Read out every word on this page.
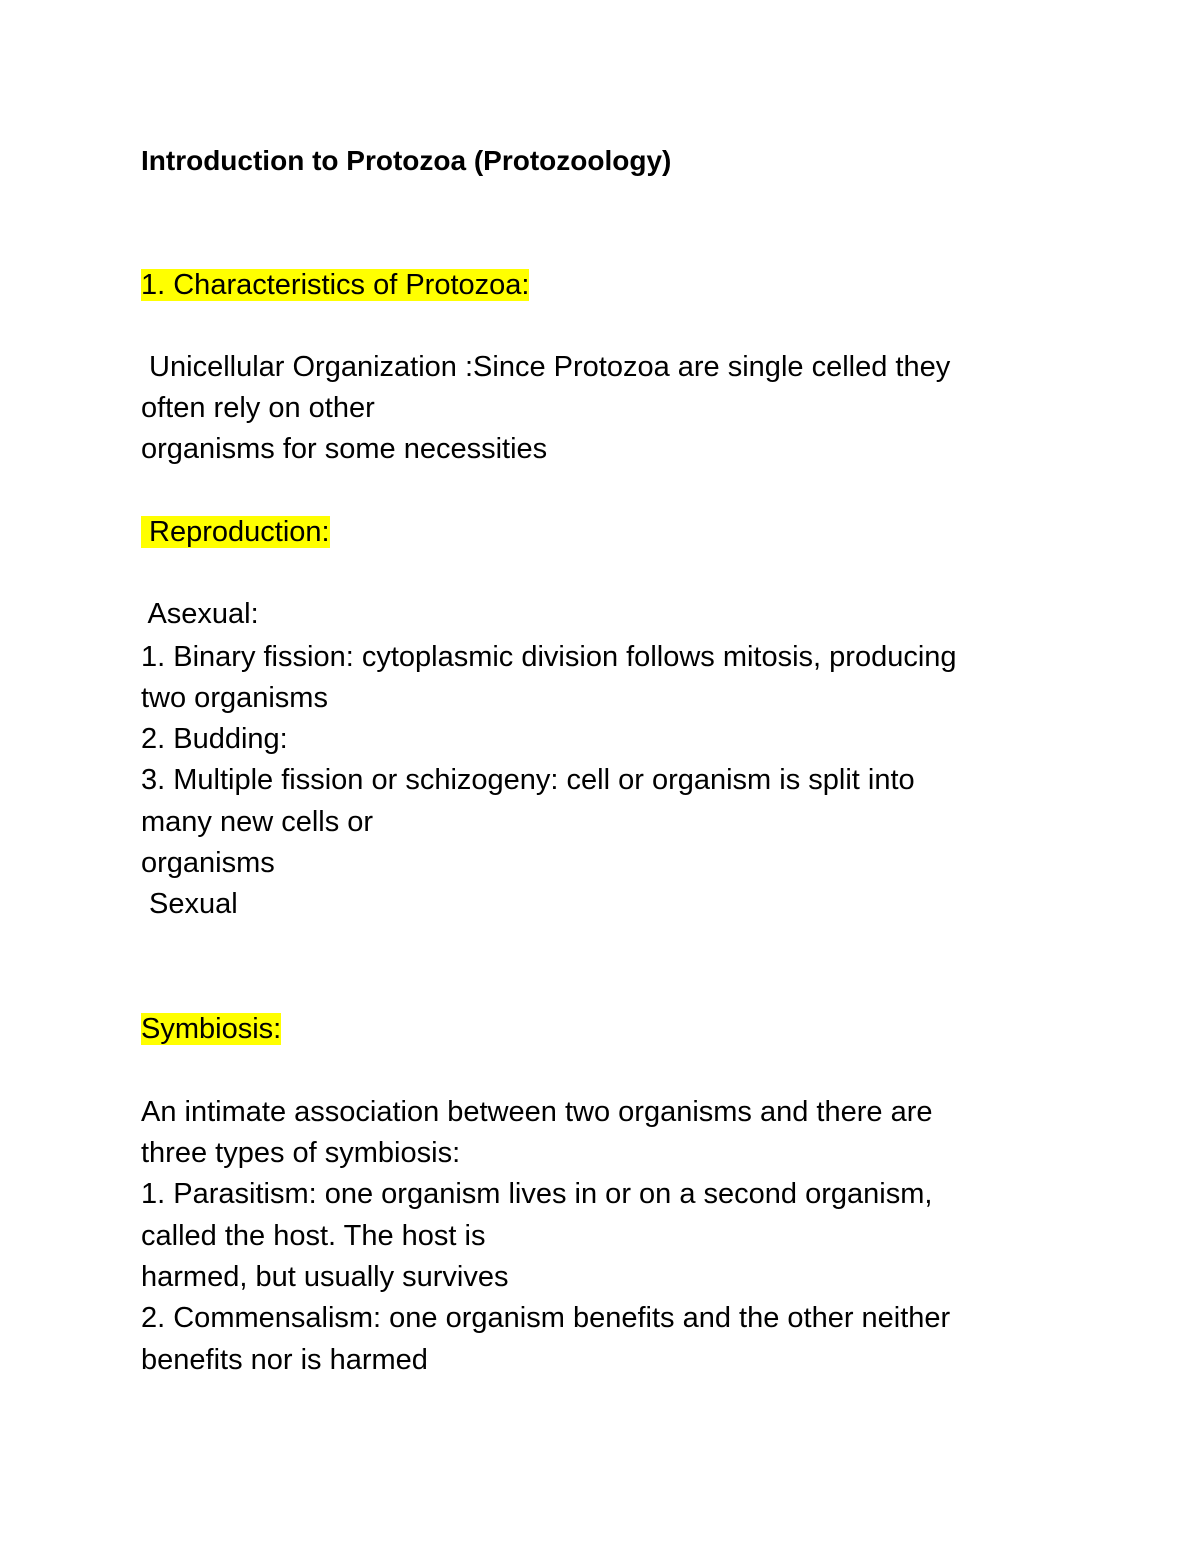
Introduction to Protozoa (Protozoology)
1. Characteristics of Protozoa:
Unicellular Organization :Since Protozoa are single celled they
often rely on other
organisms for some necessities
Reproduction:
Asexual:
1. Binary fission: cytoplasmic division follows mitosis, producing
two organisms
2. Budding:
3. Multiple fission or schizogeny: cell or organism is split into
many new cells or
organisms
Sexual
Symbiosis:
An intimate association between two organisms and there are
three types of symbiosis:
1. Parasitism: one organism lives in or on a second organism,
called the host. The host is
harmed, but usually survives
2. Commensalism: one organism benefits and the other neither
benefits nor is harmed
